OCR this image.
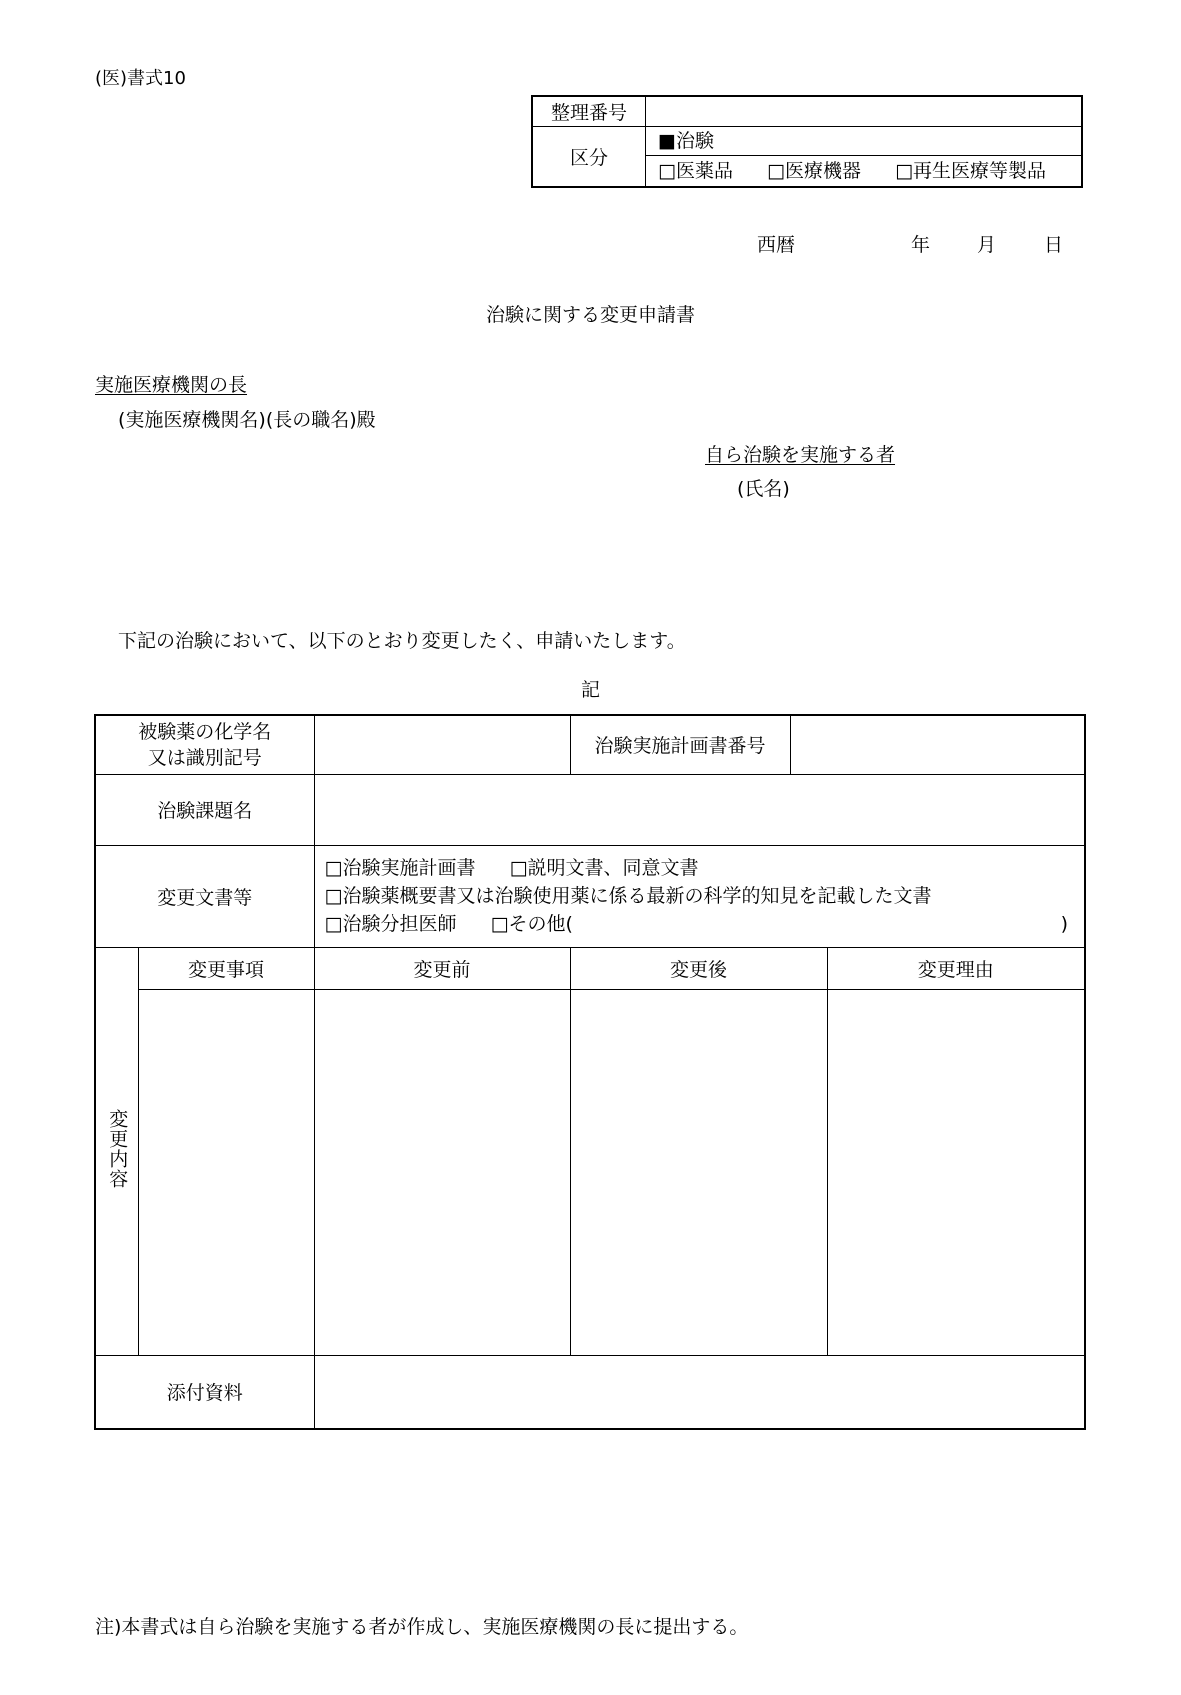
(医)書式10
整理番号	
区分	■治験
□医薬品 □医療機器 □再生医療等製品
西暦	年 月	日
治験に関する変更申請書
実施医療機関の長
(実施医療機関名)(長の職名)殿
自ら治験を実施する者
(氏名)
下記の治験において、以下のとおり変更したく、申請いたします。
記
被験薬の化学名
又は識別記号			治験実施計画書番号		
治験課題名					
変更文書等		□治験実施計画書 □説明文書、同意文書
□治験薬概要書又は治験使用薬に係る最新の科学的知見を記載した文書
□治験分担医師 □その他( )			

変更内容	変更事項	変更前	変更後		変更理由

添付資料					
注)本書式は自ら治験を実施する者が作成し、実施医療機関の長に提出する。
